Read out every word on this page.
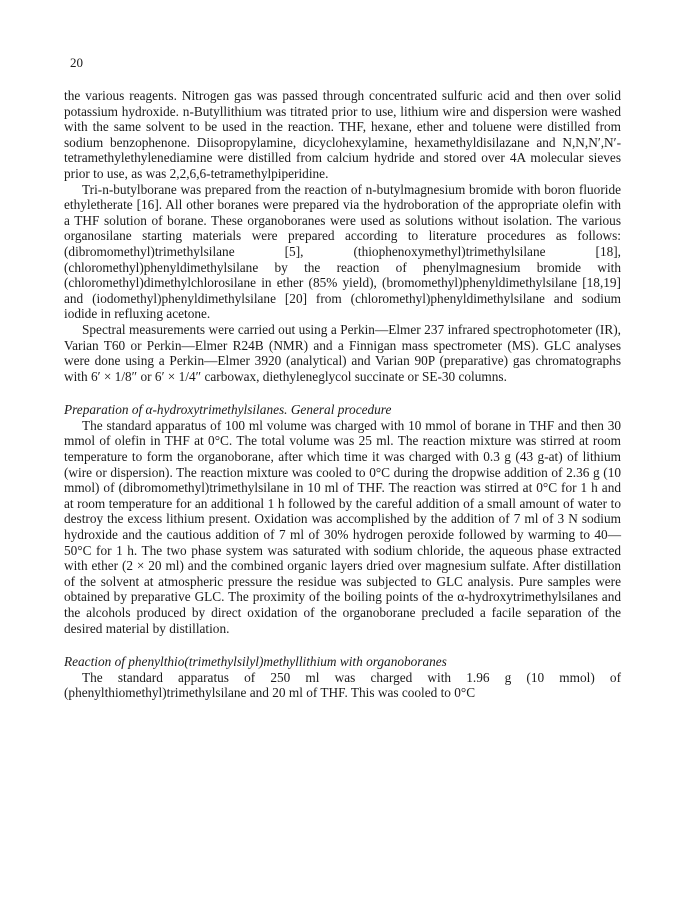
20

the various reagents. Nitrogen gas was passed through concentrated sulfuric acid and then over solid potassium hydroxide. n-Butyllithium was titrated prior to use, lithium wire and dispersion were washed with the same solvent to be used in the reaction. THF, hexane, ether and toluene were distilled from sodium benzophenone. Diisopropylamine, dicyclohexylamine, hexamethyldisilazane and N,N,N′,N′-tetramethylethylenediamine were distilled from calcium hydride and stored over 4A molecular sieves prior to use, as was 2,2,6,6-tetramethylpiperidine.

Tri-n-butylborane was prepared from the reaction of n-butylmagnesium bromide with boron fluoride ethyletherate [16]. All other boranes were prepared via the hydroboration of the appropriate olefin with a THF solution of borane. These organoboranes were used as solutions without isolation. The various organosilane starting materials were prepared according to literature procedures as follows: (dibromomethyl)trimethylsilane [5], (thiophenoxymethyl)trimethylsilane [18], (chloromethyl)phenyldimethylsilane by the reaction of phenylmagnesium bromide with (chloromethyl)dimethylchlorosilane in ether (85% yield), (bromomethyl)phenyldimethylsilane [18,19] and (iodomethyl)phenyldimethylsilane [20] from (chloromethyl)phenyldimethylsilane and sodium iodide in refluxing acetone.

Spectral measurements were carried out using a Perkin—Elmer 237 infrared spectrophotometer (IR), Varian T60 or Perkin—Elmer R24B (NMR) and a Finnigan mass spectrometer (MS). GLC analyses were done using a Perkin—Elmer 3920 (analytical) and Varian 90P (preparative) gas chromatographs with 6′ × 1/8″ or 6′ × 1/4″ carbowax, diethyleneglycol succinate or SE-30 columns.

Preparation of α-hydroxytrimethylsilanes. General procedure

The standard apparatus of 100 ml volume was charged with 10 mmol of borane in THF and then 30 mmol of olefin in THF at 0°C. The total volume was 25 ml. The reaction mixture was stirred at room temperature to form the organoborane, after which time it was charged with 0.3 g (43 g-at) of lithium (wire or dispersion). The reaction mixture was cooled to 0°C during the dropwise addition of 2.36 g (10 mmol) of (dibromomethyl)trimethylsilane in 10 ml of THF. The reaction was stirred at 0°C for 1 h and at room temperature for an additional 1 h followed by the careful addition of a small amount of water to destroy the excess lithium present. Oxidation was accomplished by the addition of 7 ml of 3 N sodium hydroxide and the cautious addition of 7 ml of 30% hydrogen peroxide followed by warming to 40—50°C for 1 h. The two phase system was saturated with sodium chloride, the aqueous phase extracted with ether (2 × 20 ml) and the combined organic layers dried over magnesium sulfate. After distillation of the solvent at atmospheric pressure the residue was subjected to GLC analysis. Pure samples were obtained by preparative GLC. The proximity of the boiling points of the α-hydroxytrimethylsilanes and the alcohols produced by direct oxidation of the organoborane precluded a facile separation of the desired material by distillation.

Reaction of phenylthio(trimethylsilyl)methyllithium with organoboranes

The standard apparatus of 250 ml was charged with 1.96 g (10 mmol) of (phenylthiomethyl)trimethylsilane and 20 ml of THF. This was cooled to 0°C
